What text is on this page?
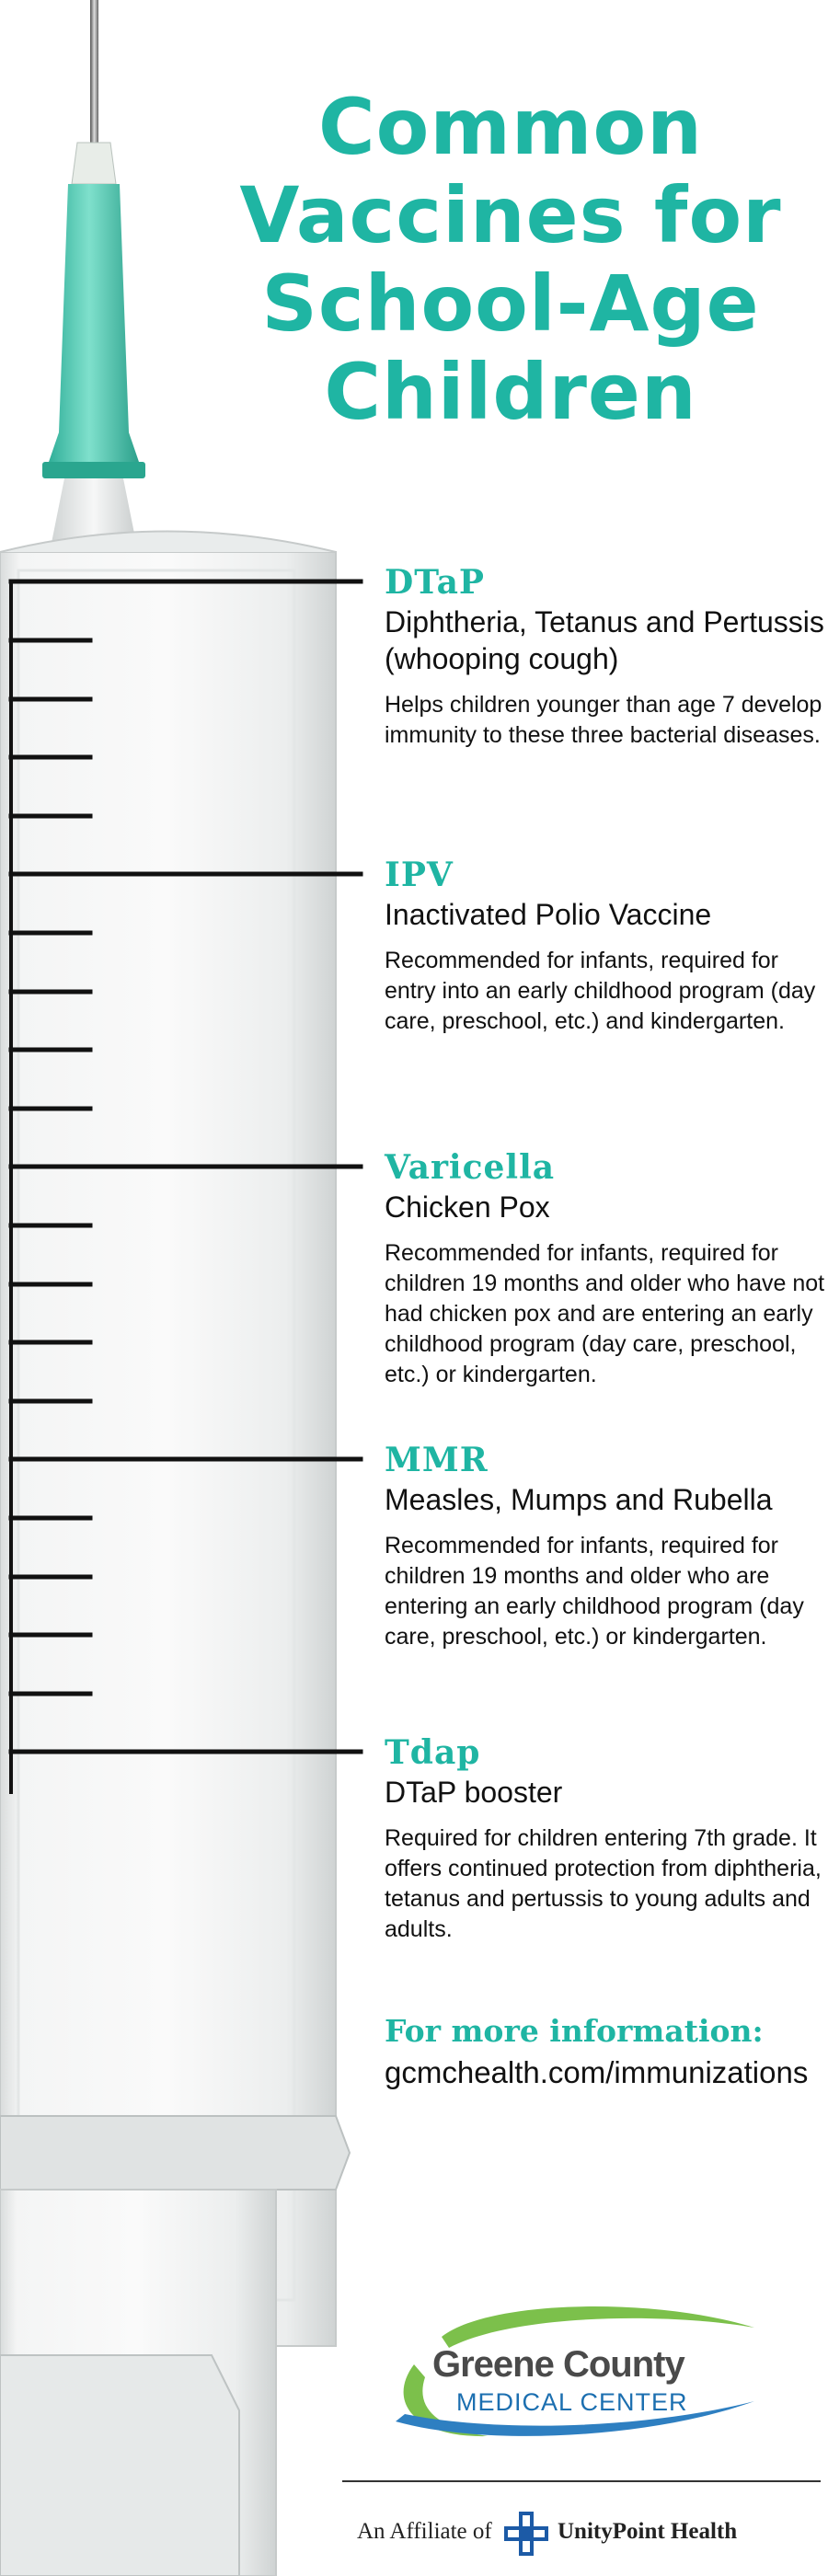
Common
Vaccines for
School-Age
Children
DTaP
Diphtheria, Tetanus and Pertussis (whooping cough)
Helps children younger than age 7 develop immunity to these three bacterial diseases.
IPV
Inactivated Polio Vaccine
Recommended for infants, required for entry into an early childhood program (day care, preschool, etc.) and kindergarten.
Varicella
Chicken Pox
Recommended for infants, required for children 19 months and older who have not had chicken pox and are entering an early childhood program (day care, preschool, etc.) or kindergarten.
MMR
Measles, Mumps and Rubella
Recommended for infants, required for children 19 months and older who are entering an early childhood program (day care, preschool, etc.) or kindergarten.
Tdap
DTaP booster
Required for children entering 7th grade. It offers continued protection from diphtheria, tetanus and pertussis to young adults and adults.
For more information:
gcmchealth.com/immunizations
Greene County
MEDICAL CENTER
An Affiliate of	UnityPoint Health
